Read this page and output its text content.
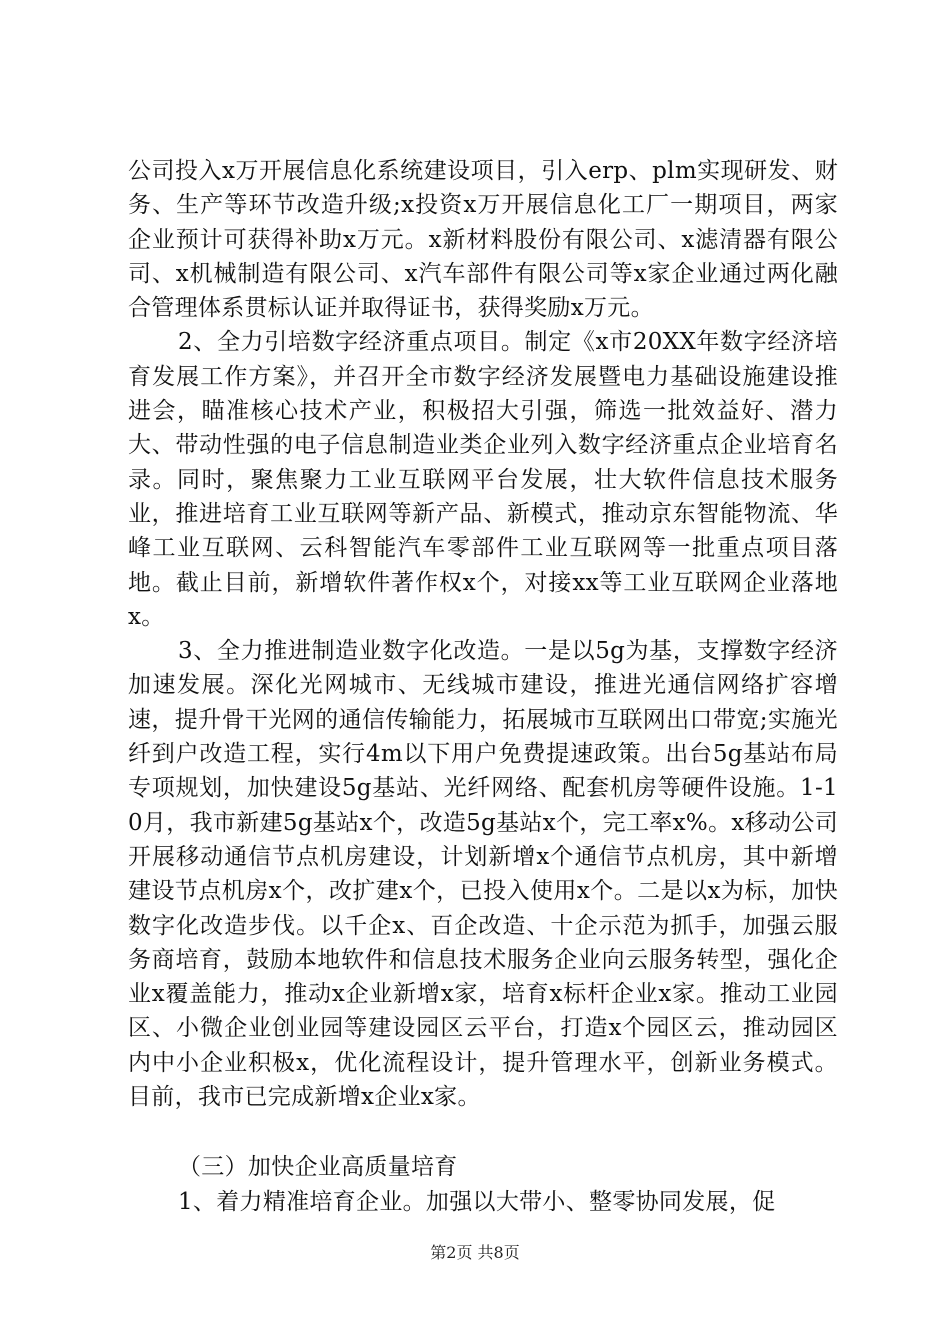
公司投入x万开展信息化系统建设项目，引入erp、plm实现研发、财务、生产等环节改造升级;x投资x万开展信息化工厂一期项目，两家企业预计可获得补助x万元。x新材料股份有限公司、x滤清器有限公司、x机械制造有限公司、x汽车部件有限公司等x家企业通过两化融合管理体系贯标认证并取得证书，获得奖励x万元。

2、全力引培数字经济重点项目。制定《x市20XX年数字经济培育发展工作方案》，并召开全市数字经济发展暨电力基础设施建设推进会，瞄准核心技术产业，积极招大引强，筛选一批效益好、潜力大、带动性强的电子信息制造业类企业列入数字经济重点企业培育名录。同时，聚焦聚力工业互联网平台发展，壮大软件信息技术服务业，推进培育工业互联网等新产品、新模式，推动京东智能物流、华峰工业互联网、云科智能汽车零部件工业互联网等一批重点项目落地。截止目前，新增软件著作权x个，对接xx等工业互联网企业落地x。

3、全力推进制造业数字化改造。一是以5g为基，支撑数字经济加速发展。深化光网城市、无线城市建设，推进光通信网络扩容增速，提升骨干光网的通信传输能力，拓展城市互联网出口带宽;实施光纤到户改造工程，实行4m以下用户免费提速政策。出台5g基站布局专项规划，加快建设5g基站、光纤网络、配套机房等硬件设施。1-10月，我市新建5g基站x个，改造5g基站x个，完工率x%。x移动公司开展移动通信节点机房建设，计划新增x个通信节点机房，其中新增建设节点机房x个，改扩建x个，已投入使用x个。二是以x为标，加快数字化改造步伐。以千企x、百企改造、十企示范为抓手，加强云服务商培育，鼓励本地软件和信息技术服务企业向云服务转型，强化企业x覆盖能力，推动x企业新增x家，培育x标杆企业x家。推动工业园区、小微企业创业园等建设园区云平台，打造x个园区云，推动园区内中小企业积极x，优化流程设计，提升管理水平，创新业务模式。目前，我市已完成新增x企业x家。

（三）加快企业高质量培育

1、着力精准培育企业。加强以大带小、整零协同发展，促

第2页 共8页
